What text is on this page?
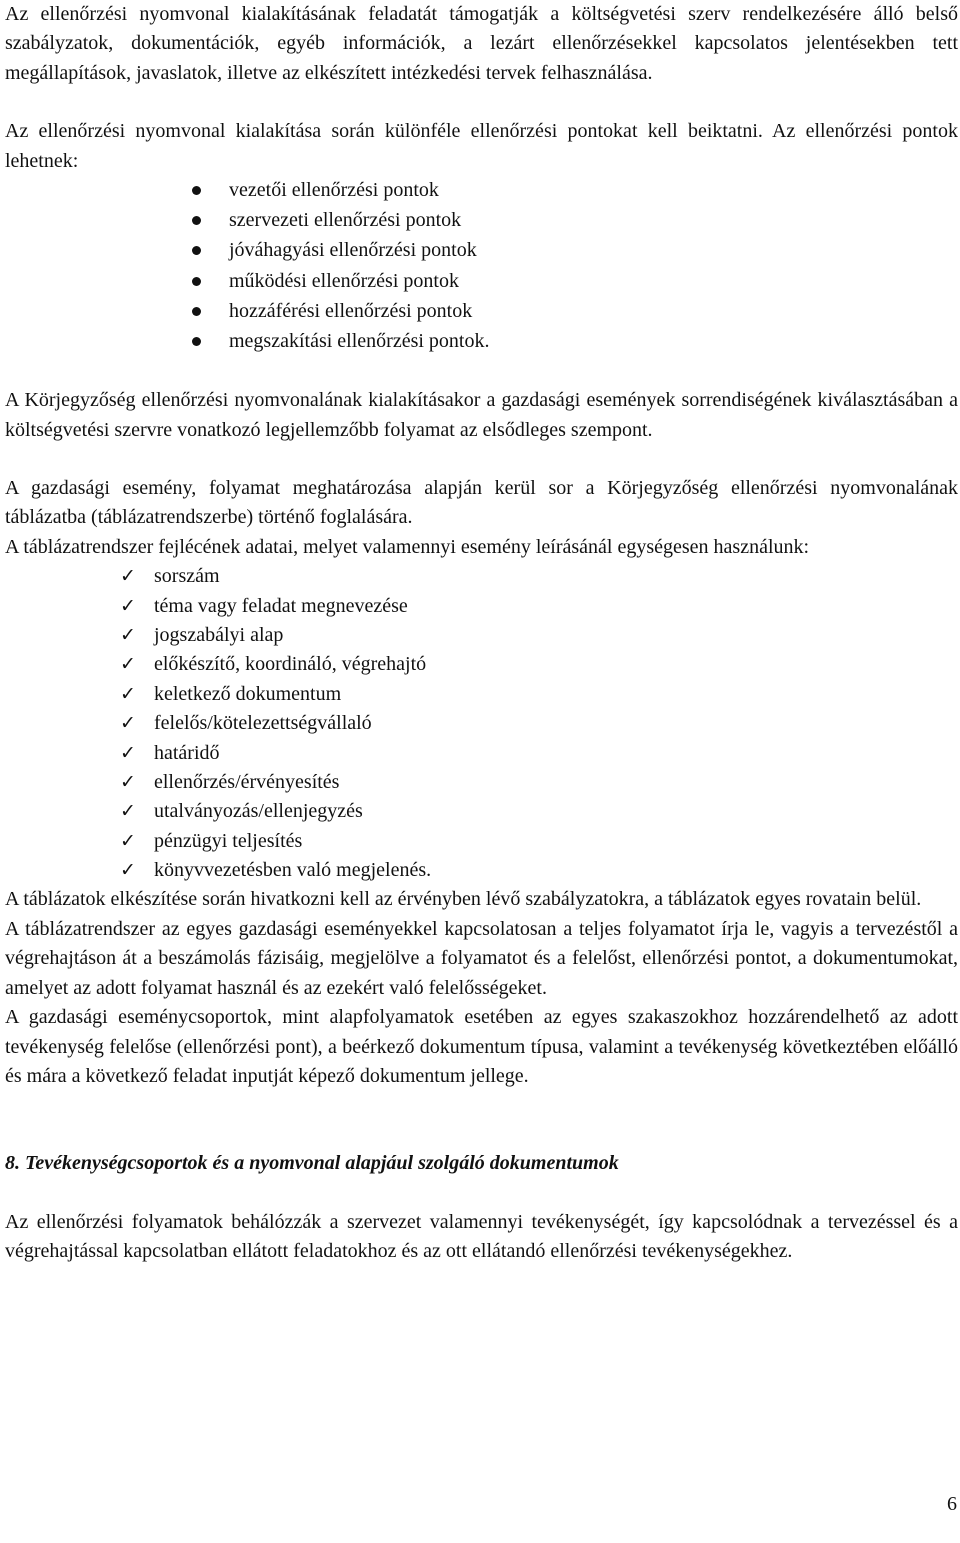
Az ellenőrzési nyomvonal kialakításának feladatát támogatják a költségvetési szerv rendelkezésére álló belső szabályzatok, dokumentációk, egyéb információk, a lezárt ellenőrzésekkel kapcsolatos jelentésekben tett megállapítások, javaslatok, illetve az elkészített intézkedési tervek felhasználása.

Az ellenőrzési nyomvonal kialakítása során különféle ellenőrzési pontokat kell beiktatni. Az ellenőrzési pontok lehetnek:

vezetői ellenőrzési pontok
szervezeti ellenőrzési pontok
jóváhagyási ellenőrzési pontok
működési ellenőrzési pontok
hozzáférési ellenőrzési pontok
megszakítási ellenőrzési pontok.

A Körjegyzőség ellenőrzési nyomvonalának kialakításakor a gazdasági események sorrendiségének kiválasztásában a költségvetési szervre vonatkozó legjellemzőbb folyamat az elsődleges szempont.

A gazdasági esemény, folyamat meghatározása alapján kerül sor a Körjegyzőség ellenőrzési nyomvonalának táblázatba (táblázatrendszerbe) történő foglalására.

A táblázatrendszer fejlécének adatai, melyet valamennyi esemény leírásánál egységesen használunk:

✓ sorszám
✓ téma vagy feladat megnevezése
✓ jogszabályi alap
✓ előkészítő, koordináló, végrehajtó
✓ keletkező dokumentum
✓ felelős/kötelezettségvállaló
✓ határidő
✓ ellenőrzés/érvényesítés
✓ utalványozás/ellenjegyzés
✓ pénzügyi teljesítés
✓ könyvvezetésben való megjelenés.

A táblázatok elkészítése során hivatkozni kell az érvényben lévő szabályzatokra, a táblázatok egyes rovatain belül.

A táblázatrendszer az egyes gazdasági eseményekkel kapcsolatosan a teljes folyamatot írja le, vagyis a tervezéstől a végrehajtáson át a beszámolás fázisáig, megjelölve a folyamatot és a felelőst, ellenőrzési pontot, a dokumentumokat, amelyet az adott folyamat használ és az ezekért való felelősségeket.

A gazdasági eseménycsoportok, mint alapfolyamatok esetében az egyes szakaszokhoz hozzárendelhető az adott tevékenység felelőse (ellenőrzési pont), a beérkező dokumentum típusa, valamint a tevékenység következtében előálló és mára a következő feladat inputját képező dokumentum jellege.

8. Tevékenységcsoportok és a nyomvonal alapjául szolgáló dokumentumok

Az ellenőrzési folyamatok behálózzák a szervezet valamennyi tevékenységét, így kapcsolódnak a tervezéssel és a végrehajtással kapcsolatban ellátott feladatokhoz és az ott ellátandó ellenőrzési tevékenységekhez.

6
